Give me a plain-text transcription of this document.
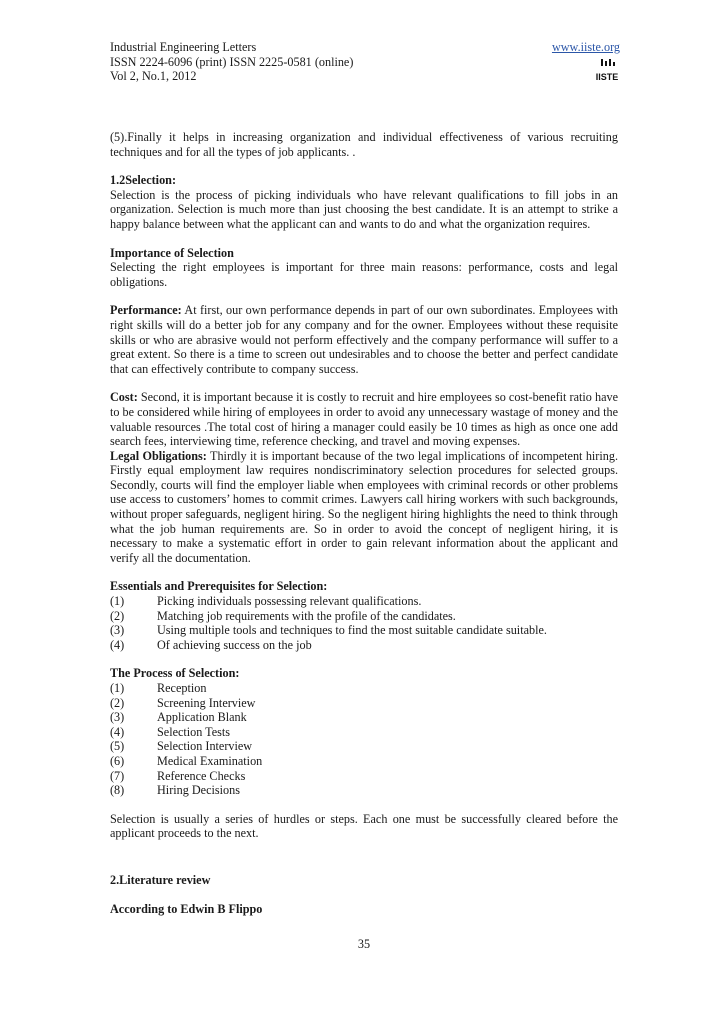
Industrial Engineering Letters
ISSN 2224-6096 (print) ISSN 2225-0581 (online)
Vol 2, No.1, 2012
www.iiste.org
IISTE

(5).Finally it helps in increasing organization and individual effectiveness of various recruiting techniques and for all the types of job applicants. .

1.2Selection:

Selection is the process of picking individuals who have relevant qualifications to fill jobs in an organization. Selection is much more than just choosing the best candidate. It is an attempt to strike a happy balance between what the applicant can and wants to do and what the organization requires.

Importance of Selection

Selecting the right employees is important for three main reasons: performance, costs and legal obligations.

Performance: At first, our own performance depends in part of our own subordinates. Employees with right skills will do a better job for any company and for the owner. Employees without these requisite skills or who are abrasive would not perform effectively and the company performance will suffer to a great extent. So there is a time to screen out undesirables and to choose the better and perfect candidate that can effectively contribute to company success.

Cost: Second, it is important because it is costly to recruit and hire employees so cost-benefit ratio have to be considered while hiring of employees in order to avoid any unnecessary wastage of money and the valuable resources .The total cost of hiring a manager could easily be 10 times as high as once one add search fees, interviewing time, reference checking, and travel and moving expenses.

Legal Obligations: Thirdly it is important because of the two legal implications of incompetent hiring. Firstly equal employment law requires nondiscriminatory selection procedures for selected groups. Secondly, courts will find the employer liable when employees with criminal records or other problems use access to customers’ homes to commit crimes. Lawyers call hiring workers with such backgrounds, without proper safeguards, negligent hiring. So the negligent hiring highlights the need to think through what the job human requirements are. So in order to avoid the concept of negligent hiring, it is necessary to make a systematic effort in order to gain relevant information about the applicant and verify all the documentation.

Essentials and Prerequisites for Selection:

(1)	Picking individuals possessing relevant qualifications.
(2)	Matching job requirements with the profile of the candidates.
(3)	Using multiple tools and techniques to find the most suitable candidate suitable.
(4)	Of achieving success on the job

The Process of Selection:

(1)	Reception
(2)	Screening Interview
(3)	Application Blank
(4)	Selection Tests
(5)	Selection Interview
(6)	Medical Examination
(7)	Reference Checks
(8)	Hiring Decisions

Selection is usually a series of hurdles or steps. Each one must be successfully cleared before the applicant proceeds to the next.

2.Literature review

According to Edwin B Flippo

35
